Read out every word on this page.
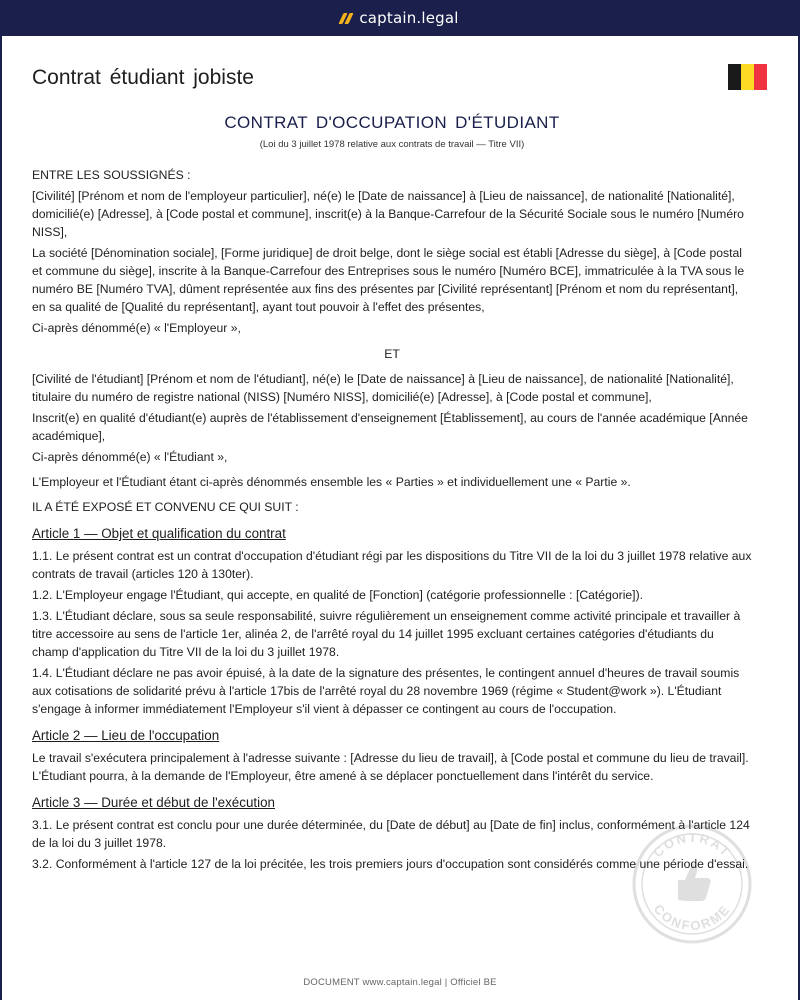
captain.legal
Contrat étudiant jobiste
CONTRAT D'OCCUPATION D'ÉTUDIANT
(Loi du 3 juillet 1978 relative aux contrats de travail — Titre VII)
ENTRE LES SOUSSIGNÉS :
[Civilité] [Prénom et nom de l'employeur particulier], né(e) le [Date de naissance] à [Lieu de naissance], de nationalité [Nationalité], domicilié(e) [Adresse], à [Code postal et commune], inscrit(e) à la Banque-Carrefour de la Sécurité Sociale sous le numéro [Numéro NISS],
La société [Dénomination sociale], [Forme juridique] de droit belge, dont le siège social est établi [Adresse du siège], à [Code postal et commune du siège], inscrite à la Banque-Carrefour des Entreprises sous le numéro [Numéro BCE], immatriculée à la TVA sous le numéro BE [Numéro TVA], dûment représentée aux fins des présentes par [Civilité représentant] [Prénom et nom du représentant], en sa qualité de [Qualité du représentant], ayant tout pouvoir à l'effet des présentes,
Ci-après dénommé(e) « l'Employeur »,
ET
[Civilité de l'étudiant] [Prénom et nom de l'étudiant], né(e) le [Date de naissance] à [Lieu de naissance], de nationalité [Nationalité], titulaire du numéro de registre national (NISS) [Numéro NISS], domicilié(e) [Adresse], à [Code postal et commune],
Inscrit(e) en qualité d'étudiant(e) auprès de l'établissement d'enseignement [Établissement], au cours de l'année académique [Année académique],
Ci-après dénommé(e) « l'Étudiant »,
L'Employeur et l'Étudiant étant ci-après dénommés ensemble les « Parties » et individuellement une « Partie ».
IL A ÉTÉ EXPOSÉ ET CONVENU CE QUI SUIT :
Article 1 — Objet et qualification du contrat
1.1. Le présent contrat est un contrat d'occupation d'étudiant régi par les dispositions du Titre VII de la loi du 3 juillet 1978 relative aux contrats de travail (articles 120 à 130ter).
1.2. L'Employeur engage l'Étudiant, qui accepte, en qualité de [Fonction] (catégorie professionnelle : [Catégorie]).
1.3. L'Étudiant déclare, sous sa seule responsabilité, suivre régulièrement un enseignement comme activité principale et travailler à titre accessoire au sens de l'article 1er, alinéa 2, de l'arrêté royal du 14 juillet 1995 excluant certaines catégories d'étudiants du champ d'application du Titre VII de la loi du 3 juillet 1978.
1.4. L'Étudiant déclare ne pas avoir épuisé, à la date de la signature des présentes, le contingent annuel d'heures de travail soumis aux cotisations de solidarité prévu à l'article 17bis de l'arrêté royal du 28 novembre 1969 (régime « Student@work »). L'Étudiant s'engage à informer immédiatement l'Employeur s'il vient à dépasser ce contingent au cours de l'occupation.
Article 2 — Lieu de l'occupation
Le travail s'exécutera principalement à l'adresse suivante : [Adresse du lieu de travail], à [Code postal et commune du lieu de travail]. L'Étudiant pourra, à la demande de l'Employeur, être amené à se déplacer ponctuellement dans l'intérêt du service.
Article 3 — Durée et début de l'exécution
3.1. Le présent contrat est conclu pour une durée déterminée, du [Date de début] au [Date de fin] inclus, conformément à l'article 124 de la loi du 3 juillet 1978.
3.2. Conformément à l'article 127 de la loi précitée, les trois premiers jours d'occupation sont considérés comme une période d'essai.
CONTRAT
CONFORME
DOCUMENT www.captain.legal | Officiel BE
